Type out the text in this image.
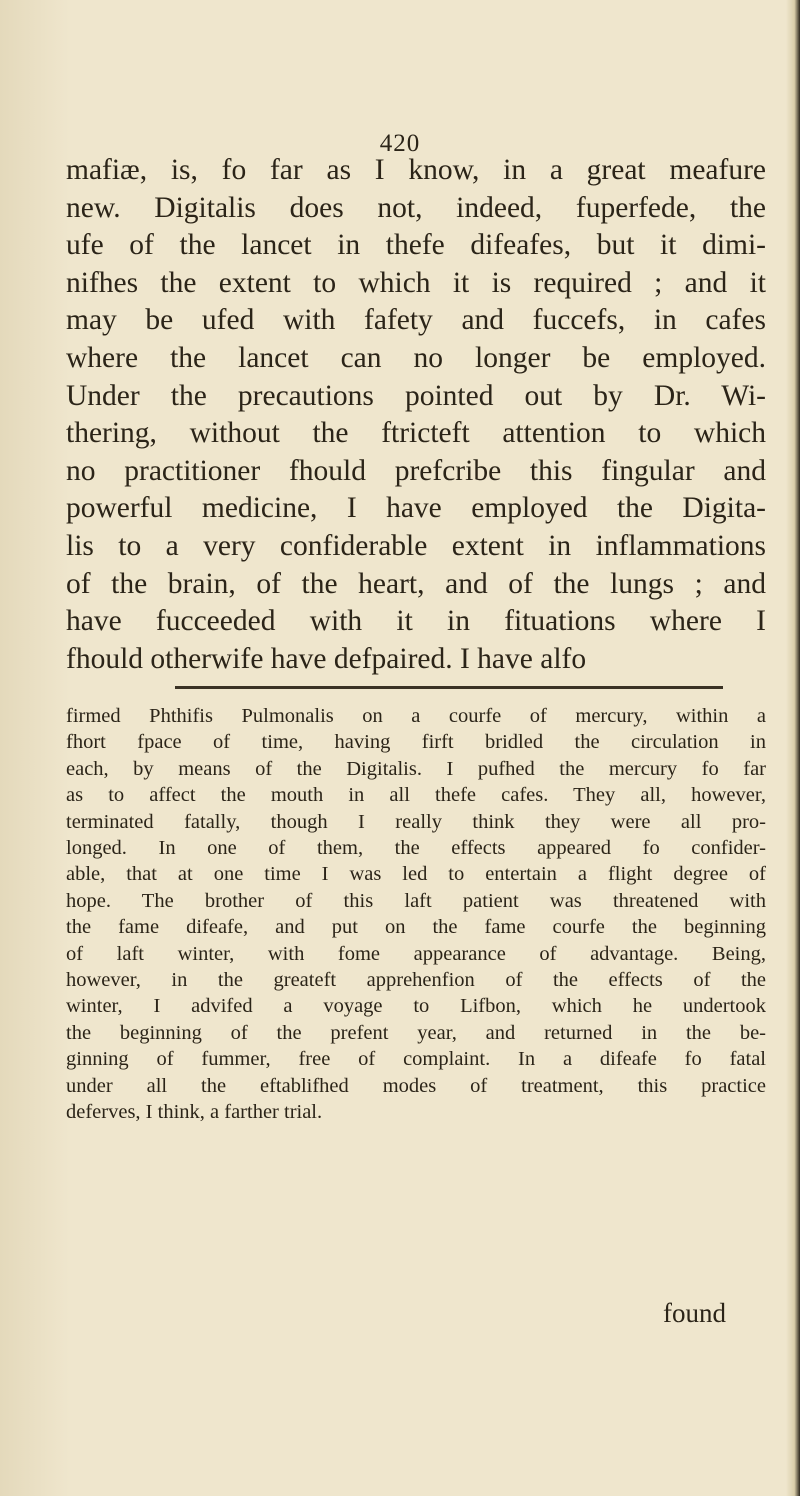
420
mafiæ, is, fo far as I know, in a great meafure
new. Digitalis does not, indeed, fuperfede, the
ufe of the lancet in thefe difeafes, but it dimi-
nifhes the extent to which it is required ; and it
may be ufed with fafety and fuccefs, in cafes
where the lancet can no longer be employed.
Under the precautions pointed out by Dr. Wi-
thering, without the ftricteft attention to which
no practitioner fhould prefcribe this fingular and
powerful medicine, I have employed the Digita-
lis to a very confiderable extent in inflammations
of the brain, of the heart, and of the lungs ; and
have fucceeded with it in fituations where I
fhould otherwife have defpaired. I have alfo
firmed Phthifis Pulmonalis on a courfe of mercury, within a
fhort fpace of time, having firft bridled the circulation in
each, by means of the Digitalis. I pufhed the mercury fo far
as to affect the mouth in all thefe cafes. They all, however,
terminated fatally, though I really think they were all pro-
longed. In one of them, the effects appeared fo confider-
able, that at one time I was led to entertain a flight degree of
hope. The brother of this laft patient was threatened with
the fame difeafe, and put on the fame courfe the beginning
of laft winter, with fome appearance of advantage. Being,
however, in the greateft apprehenfion of the effects of the
winter, I advifed a voyage to Lifbon, which he undertook
the beginning of the prefent year, and returned in the be-
ginning of fummer, free of complaint. In a difeafe fo fatal
under all the eftablifhed modes of treatment, this practice
deferves, I think, a farther trial.
found
